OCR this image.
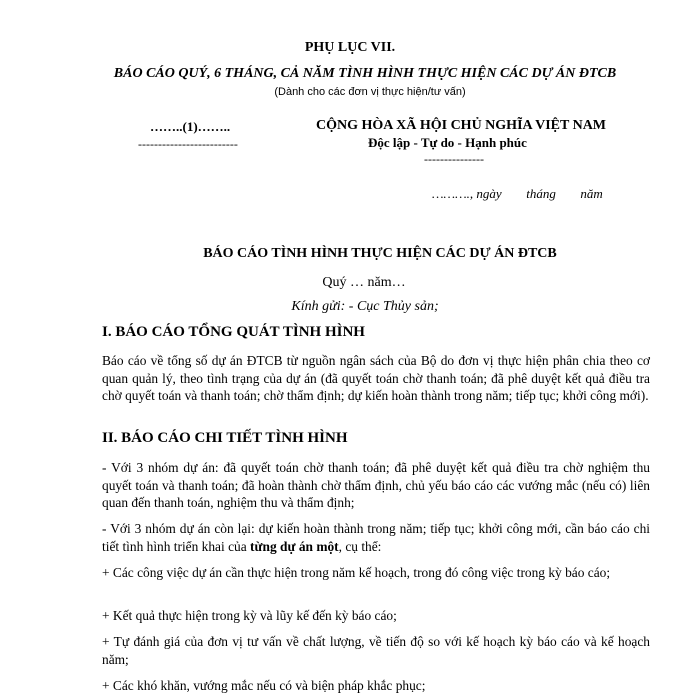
PHỤ LỤC VII.
BÁO CÁO QUÝ, 6 THÁNG, CẢ NĂM TÌNH HÌNH THỰC HIỆN CÁC DỰ ÁN ĐTCB
(Dành cho các đơn vị thực hiện/tư vấn)
……..(1)……..
-------------------------
CỘNG HÒA XÃ HỘI CHỦ NGHĨA VIỆT NAM
Độc lập - Tự do - Hạnh phúc
---------------
………., ngày tháng năm
BÁO CÁO TÌNH HÌNH THỰC HIỆN CÁC DỰ ÁN ĐTCB
Quý … năm…
Kính gửi: - Cục Thủy sản;
I. BÁO CÁO TỔNG QUÁT TÌNH HÌNH
Báo cáo về tổng số dự án ĐTCB từ nguồn ngân sách của Bộ do đơn vị thực hiện phân chia theo cơ quan quản lý, theo tình trạng của dự án (đã quyết toán chờ thanh toán; đã phê duyệt kết quả điều tra chờ quyết toán và thanh toán; chờ thẩm định; dự kiến hoàn thành trong năm; tiếp tục; khởi công mới).
II. BÁO CÁO CHI TIẾT TÌNH HÌNH
- Với 3 nhóm dự án: đã quyết toán chờ thanh toán; đã phê duyệt kết quả điều tra chờ nghiệm thu quyết toán và thanh toán; đã hoàn thành chờ thẩm định, chủ yếu báo cáo các vướng mắc (nếu có) liên quan đến thanh toán, nghiệm thu và thẩm định;
- Với 3 nhóm dự án còn lại: dự kiến hoàn thành trong năm; tiếp tục; khởi công mới, cần báo cáo chi tiết tình hình triển khai của từng dự án một, cụ thể:
+ Các công việc dự án cần thực hiện trong năm kế hoạch, trong đó công việc trong kỳ báo cáo;
+ Kết quả thực hiện trong kỳ và lũy kế đến kỳ báo cáo;
+ Tự đánh giá của đơn vị tư vấn về chất lượng, về tiến độ so với kế hoạch kỳ báo cáo và kế hoạch năm;
+ Các khó khăn, vướng mắc nếu có và biện pháp khắc phục;
